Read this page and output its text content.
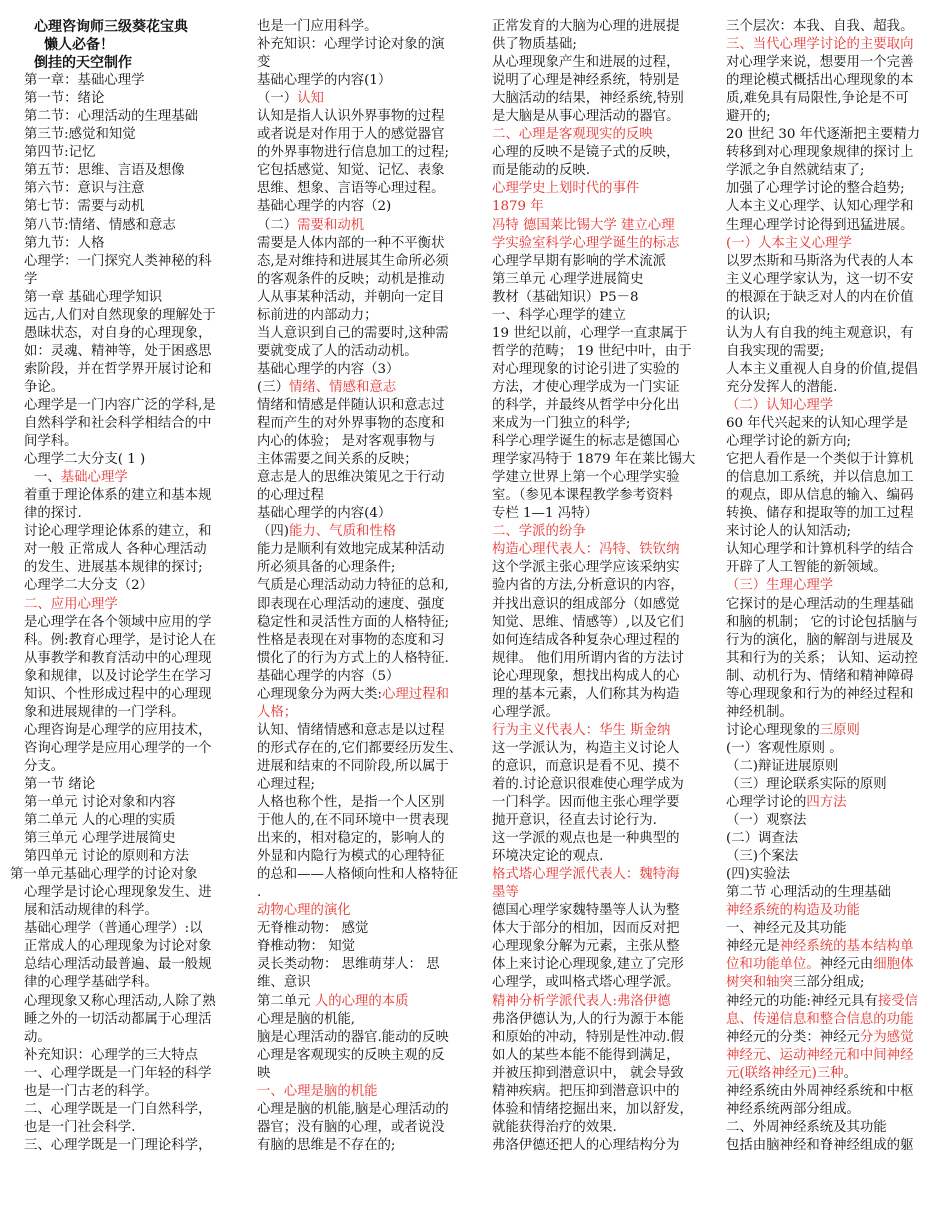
心理咨询师三级葵花宝典

懒人必备！

倒挂的天空制作

第一章：基础心理学

第一节：绪论

第二节：心理活动的生理基础

第三节:感觉和知觉

第四节:记忆

第五节：思维、言语及想像

第六节：意识与注意

第七节：需要与动机

第八节:情绪、情感和意志

第九节：人格

心理学：一门探究人类神秘的科

学

第一章 基础心理学知识

远古,人们对自然现象的理解处于

愚昧状态，对自身的心理现象，

如：灵魂、精神等，处于困惑思

索阶段，并在哲学界开展讨论和

争论。

心理学是一门内容广泛的学科,是

自然科学和社会科学相结合的中

间学科。

心理学二大分支( 1 )

一、基础心理学

着重于理论体系的建立和基本规

律的探讨.

讨论心理学理论体系的建立，和

对一般 正常成人 各种心理活动

的发生、进展基本规律的探讨;

心理学二大分支（2）

二、应用心理学

是心理学在各个领域中应用的学

科。例:教育心理学，是讨论人在

从事教学和教育活动中的心理现

象和规律，以及讨论学生在学习

知识、个性形成过程中的心理现

象和进展规律的一门学科。

心理咨询是心理学的应用技术，

咨询心理学是应用心理学的一个

分支。

第一节 绪论

第一单元 讨论对象和内容

第二单元 人的心理的实质

第三单元 心理学进展简史

第四单元 讨论的原则和方法

第一单元基础心理学的讨论对象

心理学是讨论心理现象发生、进

展和活动规律的科学。

基础心理学（普通心理学）:以

正常成人的心理现象为讨论对象

总结心理活动最普遍、最一般规

律的心理学基础学科。

心理现象又称心理活动,人除了熟

睡之外的一切活动都属于心理活

动。

补充知识：心理学的三大特点

一、心理学既是一门年轻的科学

也是一门古老的科学。

二、心理学既是一门自然科学，

也是一门社会科学.

三、心理学既是一门理论科学，

也是一门应用科学。

补充知识：心理学讨论对象的演

变

基础心理学的内容(1）

（一）认知

认知是指人认识外界事物的过程

或者说是对作用于人的感觉器官

的外界事物进行信息加工的过程;

它包括感觉、知觉、记忆、表象

思维、想象、言语等心理过程。

基础心理学的内容（2)

（二）需要和动机

需要是人体内部的一种不平衡状

态,是对维持和进展其生命所必须

的客观条件的反映；动机是推动

人从事某种活动，并朝向一定目

标前进的内部动力；

当人意识到自己的需要时,这种需

要就变成了人的活动动机。

基础心理学的内容（3）

(三）情绪、情感和意志

情绪和情感是伴随认识和意志过

程而产生的对外界事物的态度和

内心的体验； 是对客观事物与

主体需要之间关系的反映；

意志是人的思维决策见之于行动

的心理过程

基础心理学的内容(4）

（四)能力、气质和性格

能力是顺利有效地完成某种活动

所必须具备的心理条件;

气质是心理活动动力特征的总和,

即表现在心理活动的速度、强度

稳定性和灵活性方面的人格特征;

性格是表现在对事物的态度和习

惯化了的行为方式上的人格特征.

基础心理学的内容（5）

心理现象分为两大类:心理过程和

人格；

认知、情绪情感和意志是以过程

的形式存在的,它们都要经历发生、

进展和结束的不同阶段,所以属于

心理过程;

人格也称个性，是指一个人区别

于他人的,在不同环境中一贯表现

出来的，相对稳定的，影响人的

外显和内隐行为模式的心理特征

的总和——人格倾向性和人格特征

.

动物心理的演化

无脊椎动物： 感觉

脊椎动物： 知觉

灵长类动物： 思维萌芽人： 思

维、意识

第二单元 人的心理的本质

心理是脑的机能,

脑是心理活动的器官.能动的反映

心理是客观现实的反映主观的反

映

一、心理是脑的机能

心理是脑的机能,脑是心理活动的

器官；没有脑的心理，或者说没

有脑的思维是不存在的;

正常发育的大脑为心理的进展提

供了物质基础;

从心理现象产生和进展的过程，

说明了心理是神经系统，特别是

大脑活动的结果，神经系统,特别

是大脑是从事心理活动的器官。

二、心理是客观现实的反映

心理的反映不是镜子式的反映，

而是能动的反映.

心理学史上划时代的事件

1879 年

冯特 德国莱比锡大学 建立心理

学实验室科学心理学诞生的标志

心理学早期有影响的学术流派

第三单元 心理学进展简史

教材（基础知识）P5－8

一、科学心理学的建立

19 世纪以前，心理学一直隶属于

哲学的范畴； 19 世纪中叶，由于

对心理现象的讨论引进了实验的

方法，才使心理学成为一门实证

的科学，并最终从哲学中分化出

来成为一门独立的科学;

科学心理学诞生的标志是德国心

理学家冯特于 1879 年在莱比锡大

学建立世界上第一个心理学实验

室。（参见本课程教学参考资料

专栏 1—1 冯特）

二、学派的纷争

构造心理代表人：冯特、铁钦纳

这个学派主张心理学应该采纳实

验内省的方法,分析意识的内容，

并找出意识的组成部分（如感觉

知觉、思维、情感等）,以及它们

如何连结成各种复杂心理过程的

规律。 他们用所谓内省的方法讨

论心理现象，想找出构成人的心

理的基本元素，人们称其为构造

心理学派。

行为主义代表人：华生 斯金纳

这一学派认为，构造主义讨论人

的意识，而意识是看不见、摸不

着的.讨论意识很难使心理学成为

一门科学。因而他主张心理学要

抛开意识，径直去讨论行为.

这一学派的观点也是一种典型的

环境决定论的观点.

格式塔心理学派代表人：魏特海

墨等

德国心理学家魏特墨等人认为整

体大于部分的相加，因而反对把

心理现象分解为元素，主张从整

体上来讨论心理现象,建立了完形

心理学，或叫格式塔心理学派。

精神分析学派代表人:弗洛伊德

弗洛伊德认为,人的行为源于本能

和原始的冲动，特别是性冲动.假

如人的某些本能不能得到满足，

并被压抑到潜意识中， 就会导致

精神疾病。把压抑到潜意识中的

体验和情绪挖掘出来，加以舒发，

就能获得治疗的效果.

弗洛伊德还把人的心理结构分为

三个层次：本我、自我、超我。

三、当代心理学讨论的主要取向

对心理学来说，想要用一个完善

的理论模式概括出心理现象的本

质,难免具有局限性,争论是不可

避开的;

20 世纪 30 年代逐渐把主要精力

转移到对心理现象规律的探讨上

学派之争自然就结束了;

加强了心理学讨论的整合趋势;

人本主义心理学、认知心理学和

生理心理学讨论得到迅猛进展。

(一）人本主义心理学

以罗杰斯和马斯洛为代表的人本

主义心理学家认为，这一切不安

的根源在于缺乏对人的内在价值

的认识;

认为人有自我的纯主观意识，有

自我实现的需要;

人本主义重视人自身的价值,提倡

充分发挥人的潜能.

（二）认知心理学

60 年代兴起来的认知心理学是

心理学讨论的新方向;

它把人看作是一个类似于计算机

的信息加工系统，并以信息加工

的观点，即从信息的输入、编码

转换、储存和提取等的加工过程

来讨论人的认知活动;

认知心理学和计算机科学的结合

开辟了人工智能的新领域。

（三）生理心理学

它探讨的是心理活动的生理基础

和脑的机制； 它的讨论包括脑与

行为的演化，脑的解剖与进展及

其和行为的关系； 认知、运动控

制、动机行为、情绪和精神障碍

等心理现象和行为的神经过程和

神经机制。

讨论心理现象的三原则

(一）客观性原则 。

（二)辩证进展原则

（三）理论联系实际的原则

心理学讨论的四方法

（一）观察法

(二）调查法

（三)个案法

(四)实验法

第二节 心理活动的生理基础

神经系统的构造及功能

一、神经元及其功能

神经元是神经系统的基本结构单

位和功能单位。神经元由细胞体

树突和轴突三部分组成;

神经元的功能:神经元具有接受信

息、传递信息和整合信息的功能

神经元的分类：神经元分为感觉

神经元、运动神经元和中间神经

元(联络神经元)三种。

神经系统由外周神经系统和中枢

神经系统两部分组成。

二、外周神经系统及其功能

包括由脑神经和脊神经组成的躯
